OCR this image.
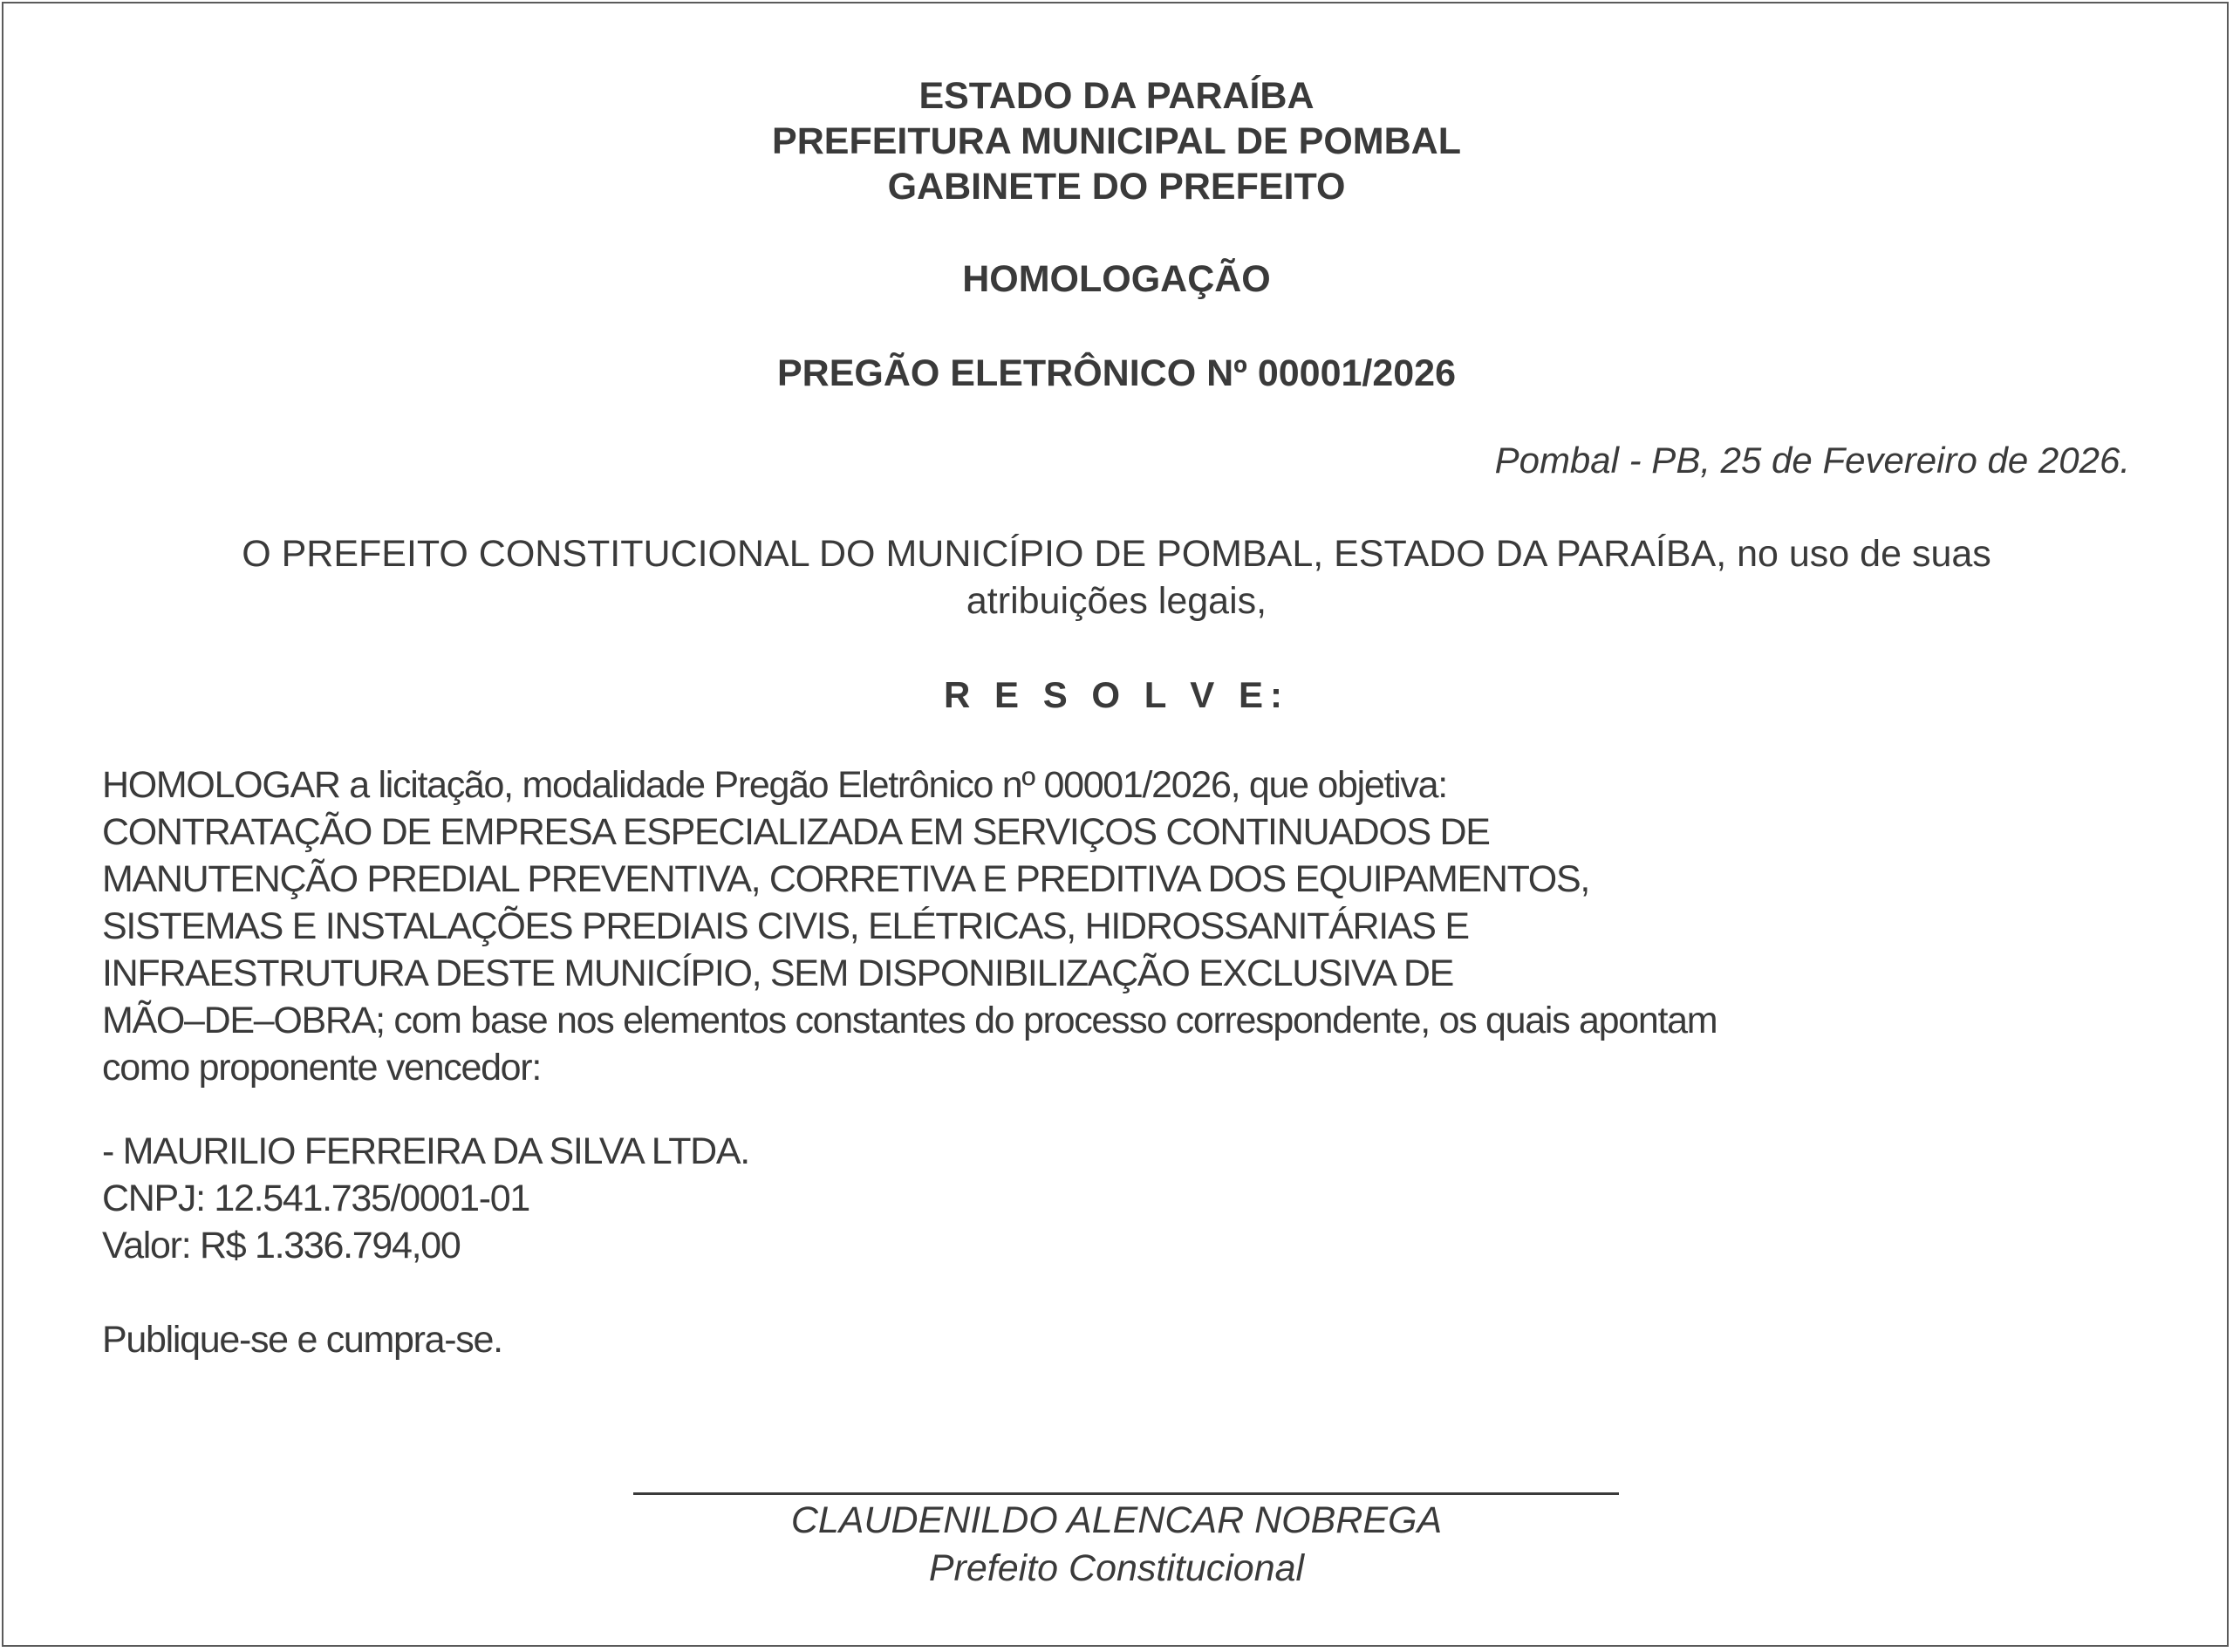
ESTADO DA PARAÍBA
PREFEITURA MUNICIPAL DE POMBAL
GABINETE DO PREFEITO
HOMOLOGAÇÃO
PREGÃO ELETRÔNICO Nº 00001/2026
Pombal - PB, 25 de Fevereiro de 2026.
O PREFEITO CONSTITUCIONAL DO MUNICÍPIO DE POMBAL, ESTADO DA PARAÍBA, no uso de suas
atribuições legais,
R E S O L V E:
HOMOLOGAR a licitação, modalidade Pregão Eletrônico nº 00001/2026, que objetiva:
CONTRATAÇÃO DE EMPRESA ESPECIALIZADA EM SERVIÇOS CONTINUADOS DE
MANUTENÇÃO PREDIAL PREVENTIVA, CORRETIVA E PREDITIVA DOS EQUIPAMENTOS,
SISTEMAS E INSTALAÇÕES PREDIAIS CIVIS, ELÉTRICAS, HIDROSSANITÁRIAS E
INFRAESTRUTURA DESTE MUNICÍPIO, SEM DISPONIBILIZAÇÃO EXCLUSIVA DE
MÃO–DE–OBRA; com base nos elementos constantes do processo correspondente, os quais apontam
como proponente vencedor:
- MAURILIO FERREIRA DA SILVA LTDA.
CNPJ: 12.541.735/0001-01
Valor: R$ 1.336.794,00
Publique-se e cumpra-se.
CLAUDENILDO ALENCAR NOBREGA
Prefeito Constitucional
